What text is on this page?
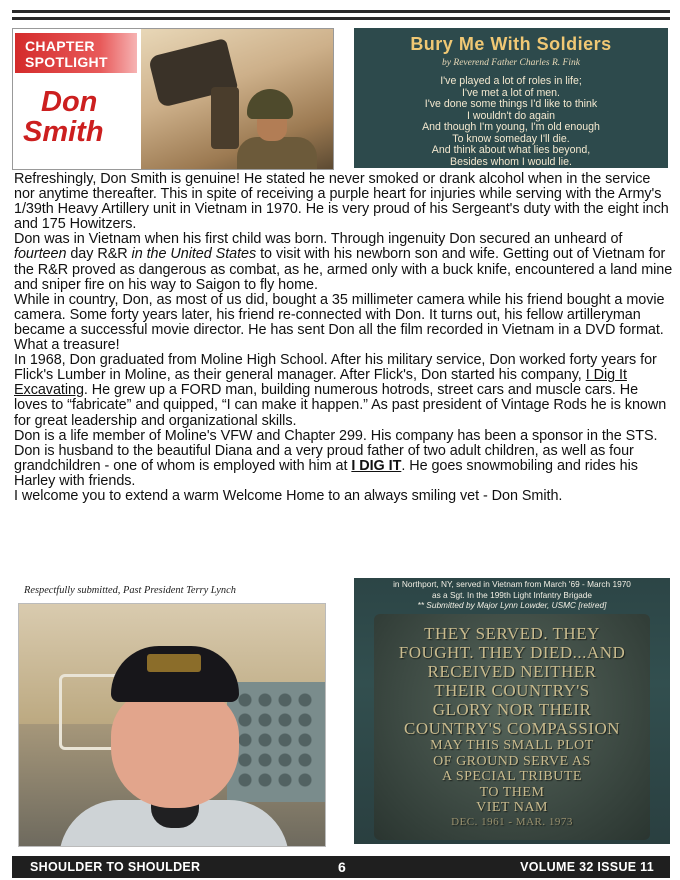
CHAPTER
SPOTLIGHT
Don
Smith
Bury Me With Soldiers
by Reverend Father Charles R. Fink
I've played a lot of roles in life;
I've met a lot of men.
I've done some things I'd like to think
I wouldn't do again
And though I'm young, I'm old enough
To know someday I'll die.
And think about what lies beyond,
Besides whom I would lie.

Refreshingly, Don Smith is genuine! He stated he never smoked or drank alcohol when in the service nor anytime thereafter. This in spite of receiving a purple heart for injuries while serving with the Army's 1/39th Heavy Artillery unit in Vietnam in 1970. He is very proud of his Sergeant's duty with the eight inch and 175 Howitzers.

Don was in Vietnam when his first child was born. Through ingenuity Don secured an unheard of fourteen day R&R in the United States to visit with his newborn son and wife. Getting out of Vietnam for the R&R proved as dangerous as combat, as he, armed only with a buck knife, encountered a land mine and sniper fire on his way to Saigon to fly home.

While in country, Don, as most of us did, bought a 35 millimeter camera while his friend bought a movie camera. Some forty years later, his friend re-connected with Don. It turns out, his fellow artilleryman became a successful movie director. He has sent Don all the film recorded in Vietnam in a DVD format. What a treasure!

In 1968, Don graduated from Moline High School. After his military service, Don worked forty years for Flick's Lumber in Moline, as their general manager. After Flick's, Don started his company, I Dig It Excavating. He grew up a FORD man, building numerous hotrods, street cars and muscle cars. He loves to “fabricate” and quipped, “I can make it happen.” As past president of Vintage Rods he is known for great leadership and organizational skills.

Don is a life member of Moline's VFW and Chapter 299. His company has been a sponsor in the STS. Don is husband to the beautiful Diana and a very proud father of two adult children, as well as four grandchildren - one of whom is employed with him at I DIG IT. He goes snowmobiling and rides his Harley with friends.

I welcome you to extend a warm Welcome Home to an always smiling vet - Don Smith.

Respectfully submitted, Past President Terry Lynch
in Northport, NY, served in Vietnam from March '69 - March 1970
as a Sgt. In the 199th Light Infantry Brigade
** Submitted by Major Lynn Lowder, USMC [retired]
THEY SERVED. THEY
FOUGHT. THEY DIED...AND
RECEIVED NEITHER
THEIR COUNTRY'S
GLORY NOR THEIR
COUNTRY'S COMPASSION
MAY THIS SMALL PLOT
OF GROUND SERVE AS
A SPECIAL TRIBUTE
TO THEM
VIET NAM
DEC. 1961 - MAR. 1973
SHOULDER TO SHOULDER	6	VOLUME 32 ISSUE 11
